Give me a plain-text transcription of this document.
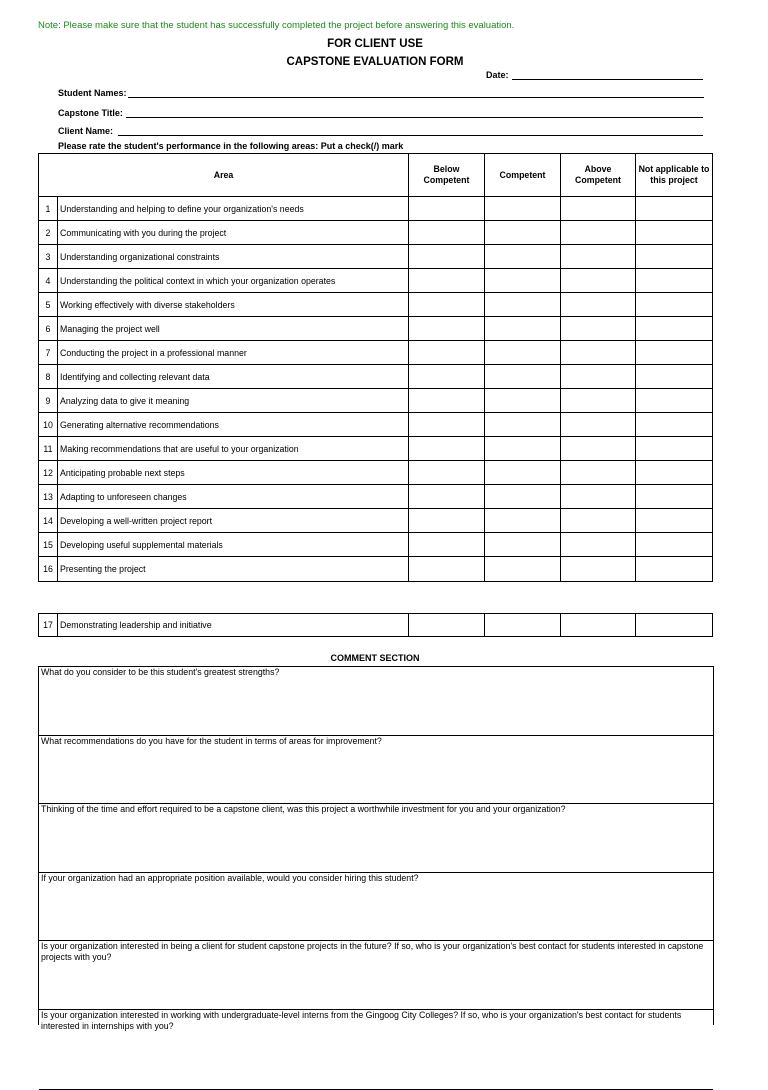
Note: Please make sure that the student has successfully completed the project before answering this evaluation.
FOR CLIENT USE
CAPSTONE EVALUATION FORM
Date:
Student Names:
Capstone Title:
Client Name:
Please rate the student's performance in the following areas: Put a check(/) mark
Area		Below Competent	Competent	Above Competent	Not applicable to this project
1	Understanding and helping to define your organization's needs				
2	Communicating with you during the project				
3	Understanding organizational constraints				
4	Understanding the political context in which your organization operates				
5	Working effectively with diverse stakeholders				
6	Managing the project well				
7	Conducting the project in a professional manner				
8	Identifying and collecting relevant data				
9	Analyzing data to give it meaning				
10	Generating alternative recommendations				
11	Making recommendations that are useful to your organization				
12	Anticipating probable next steps				
13	Adapting to unforeseen changes				
14	Developing a well-written project report				
15	Developing useful supplemental materials				
16	Presenting the project				
17	Demonstrating leadership and initiative				
COMMENT SECTION
What do you consider to be this student's greatest strengths?
What recommendations do you have for the student in terms of areas for improvement?
Thinking of the time and effort required to be a capstone client, was this project a worthwhile investment for you and your organization?
If your organization had an appropriate position available, would you consider hiring this student?
Is your organization interested in being a client for student capstone projects in the future? If so, who is your organization's best contact for students interested in capstone projects with you?
Is your organization interested in working with undergraduate-level interns from the Gingoog City Colleges? If so, who is your organization's best contact for students interested in internships with you?
